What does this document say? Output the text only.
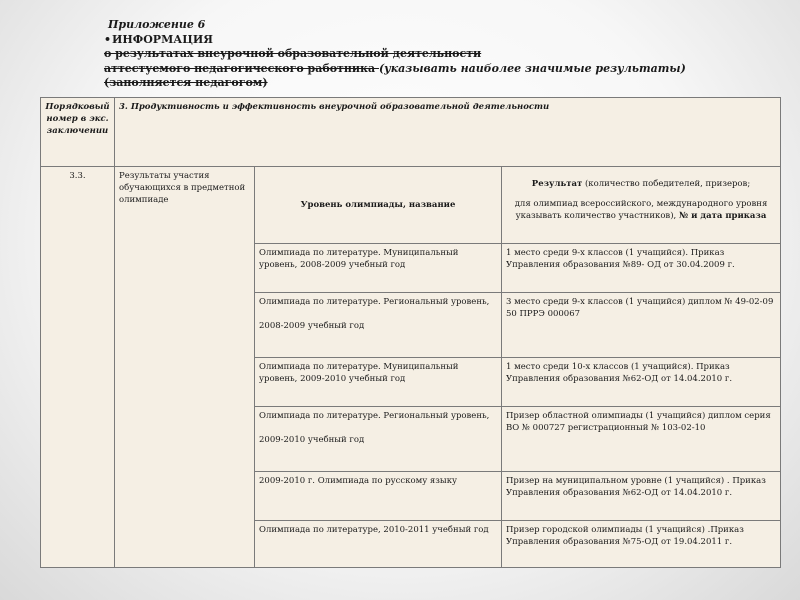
Приложение 6
•ИНФОРМАЦИЯ
о результатах внеурочной образовательной деятельности
аттестуемого педагогического работника (указывать наиболее значимые результаты)
(заполняется педагогом)
Порядковый номер в экс. заключении	3. Продуктивность и эффективность внеурочной образовательной деятельности		
3.3.	Результаты участия обучающихся в предметной олимпиаде	Уровень олимпиады, название	Результат (количество победителей, призеров;
для олимпиад всероссийского, международного уровня указывать количество участников), № и дата приказа

		Олимпиада по литературе. Муниципальный уровень, 2008-2009 учебный год	1 место среди 9-х классов (1 учащийся). Приказ Управления образования №89- ОД от 30.04.2009 г.

		Олимпиада по литературе. Региональный уровень,
2008-2009 учебный год	3 место среди 9-х классов (1 учащийся) диплом № 49-02-09 50 ПРРЭ 000067
		Олимпиада по литературе. Муниципальный уровень, 2009-2010 учебный год	1 место среди 10-х классов (1 учащийся). Приказ Управления образования №62-ОД от 14.04.2010 г.

		Олимпиада по литературе. Региональный уровень,
2009-2010 учебный год	Призер областной олимпиады (1 учащийся) диплом серия ВО № 000727 регистрационный № 103-02-10
		2009-2010 г. Олимпиада по русскому языку	Призер на муниципальном уровне (1 учащийся) . Приказ Управления образования №62-ОД от 14.04.2010 г.
		Олимпиада по литературе, 2010-2011 учебный год	Призер городской олимпиады (1 учащийся) .Приказ Управления образования №75-ОД от 19.04.2011 г.
